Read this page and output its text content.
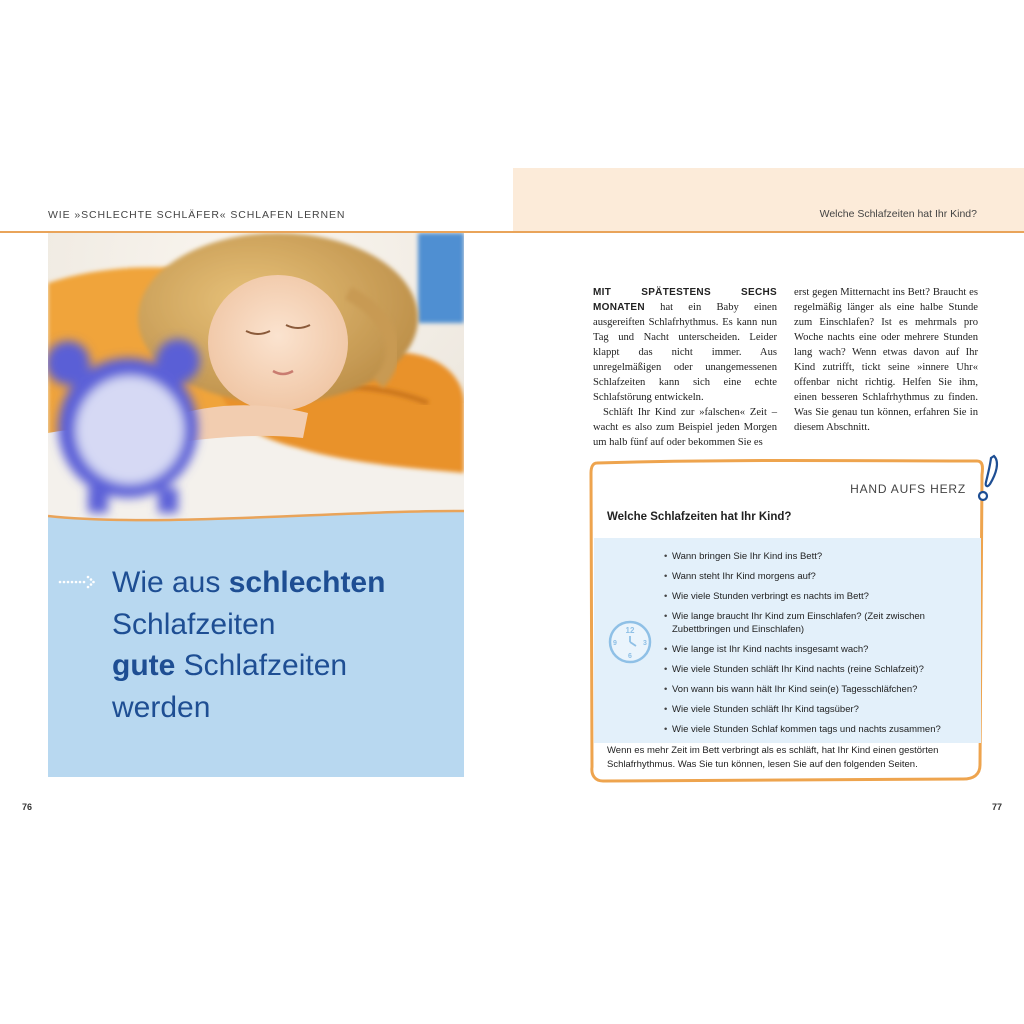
WIE »SCHLECHTE SCHLÄFER« SCHLAFEN LERNEN	Welche Schlafzeiten hat Ihr Kind?
Wie aus schlechten
Schlafzeiten
gute Schlafzeiten
werden
76
MIT SPÄTESTENS SECHS MONATEN hat ein Baby einen ausgereiften Schlafrhythmus. Es kann nun Tag und Nacht unterscheiden. Leider klappt das nicht immer. Aus unregelmäßigen oder unangemessenen Schlafzeiten kann sich eine echte Schlafstörung entwickeln.
Schläft Ihr Kind zur »falschen« Zeit – wacht es also zum Beispiel jeden Morgen um halb fünf auf oder bekommen Sie es
erst gegen Mitternacht ins Bett? Braucht es regelmäßig länger als eine halbe Stunde zum Einschlafen? Ist es mehrmals pro Woche nachts eine oder mehrere Stunden lang wach? Wenn etwas davon auf Ihr Kind zutrifft, tickt seine »innere Uhr« offenbar nicht richtig. Helfen Sie ihm, einen besseren Schlafrhythmus zu finden. Was Sie genau tun können, erfahren Sie in diesem Abschnitt.
HAND AUFS HERZ
Welche Schlafzeiten hat Ihr Kind?
12
3
6
9
• Wann bringen Sie Ihr Kind ins Bett?
• Wann steht Ihr Kind morgens auf?
• Wie viele Stunden verbringt es nachts im Bett?
• Wie lange braucht Ihr Kind zum Einschlafen? (Zeit zwischen Zubettbringen und Einschlafen)
• Wie lange ist Ihr Kind nachts insgesamt wach?
• Wie viele Stunden schläft Ihr Kind nachts (reine Schlafzeit)?
• Von wann bis wann hält Ihr Kind sein(e) Tagesschläfchen?
• Wie viele Stunden schläft Ihr Kind tagsüber?
• Wie viele Stunden Schlaf kommen tags und nachts zusammen?
Wenn es mehr Zeit im Bett verbringt als es schläft, hat Ihr Kind einen gestörten Schlafrhythmus. Was Sie tun können, lesen Sie auf den folgenden Seiten.
77
